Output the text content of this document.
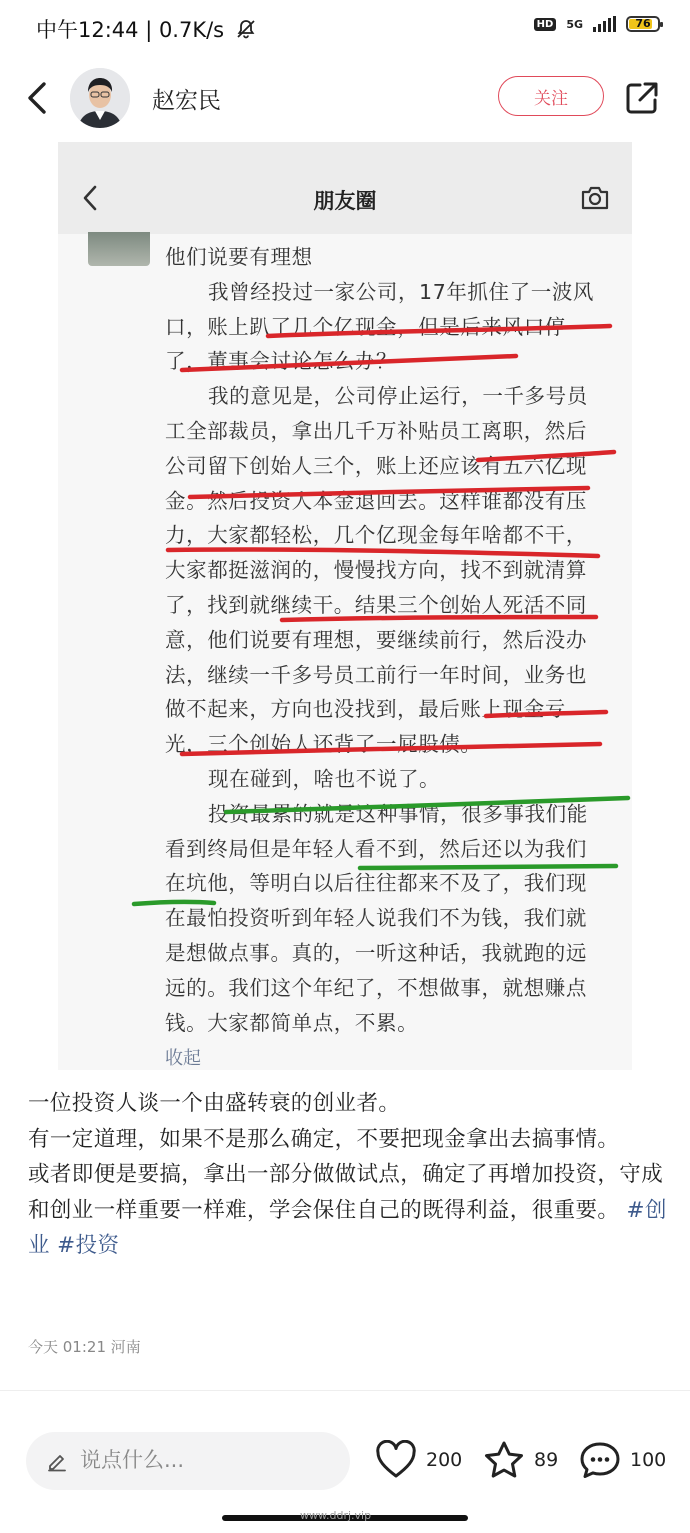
中午12:44 | 0.7K/s	HD 5G	76
赵宏民	关注
朋友圈

他们说要有理想

我曾经投过一家公司，17年抓住了一波风口，账上趴了几个亿现金，但是后来风口停了，董事会讨论怎么办？

我的意见是，公司停止运行，一千多号员工全部裁员，拿出几千万补贴员工离职，然后公司留下创始人三个，账上还应该有五六亿现金。然后投资人本金退回去。这样谁都没有压力，大家都轻松，几个亿现金每年啥都不干，大家都挺滋润的，慢慢找方向，找不到就清算了，找到就继续干。结果三个创始人死活不同意，他们说要有理想，要继续前行，然后没办法，继续一千多号员工前行一年时间，业务也做不起来，方向也没找到，最后账上现金亏光，三个创始人还背了一屁股债。

现在碰到，啥也不说了。

投资最累的就是这种事情，很多事我们能看到终局但是年轻人看不到，然后还以为我们在坑他，等明白以后往往都来不及了，我们现在最怕投资听到年轻人说我们不为钱，我们就是想做点事。真的，一听这种话，我就跑的远远的。我们这个年纪了，不想做事，就想赚点钱。大家都简单点，不累。

收起

一位投资人谈一个由盛转衰的创业者。

有一定道理，如果不是那么确定，不要把现金拿出去搞事情。

或者即便是要搞，拿出一部分做做试点，确定了再增加投资，守成和创业一样重要一样难，学会保住自己的既得利益，很重要。 #创业 #投资

今天 01:21 河南
说点什么...	200	89	100
www.ddrj.vip
